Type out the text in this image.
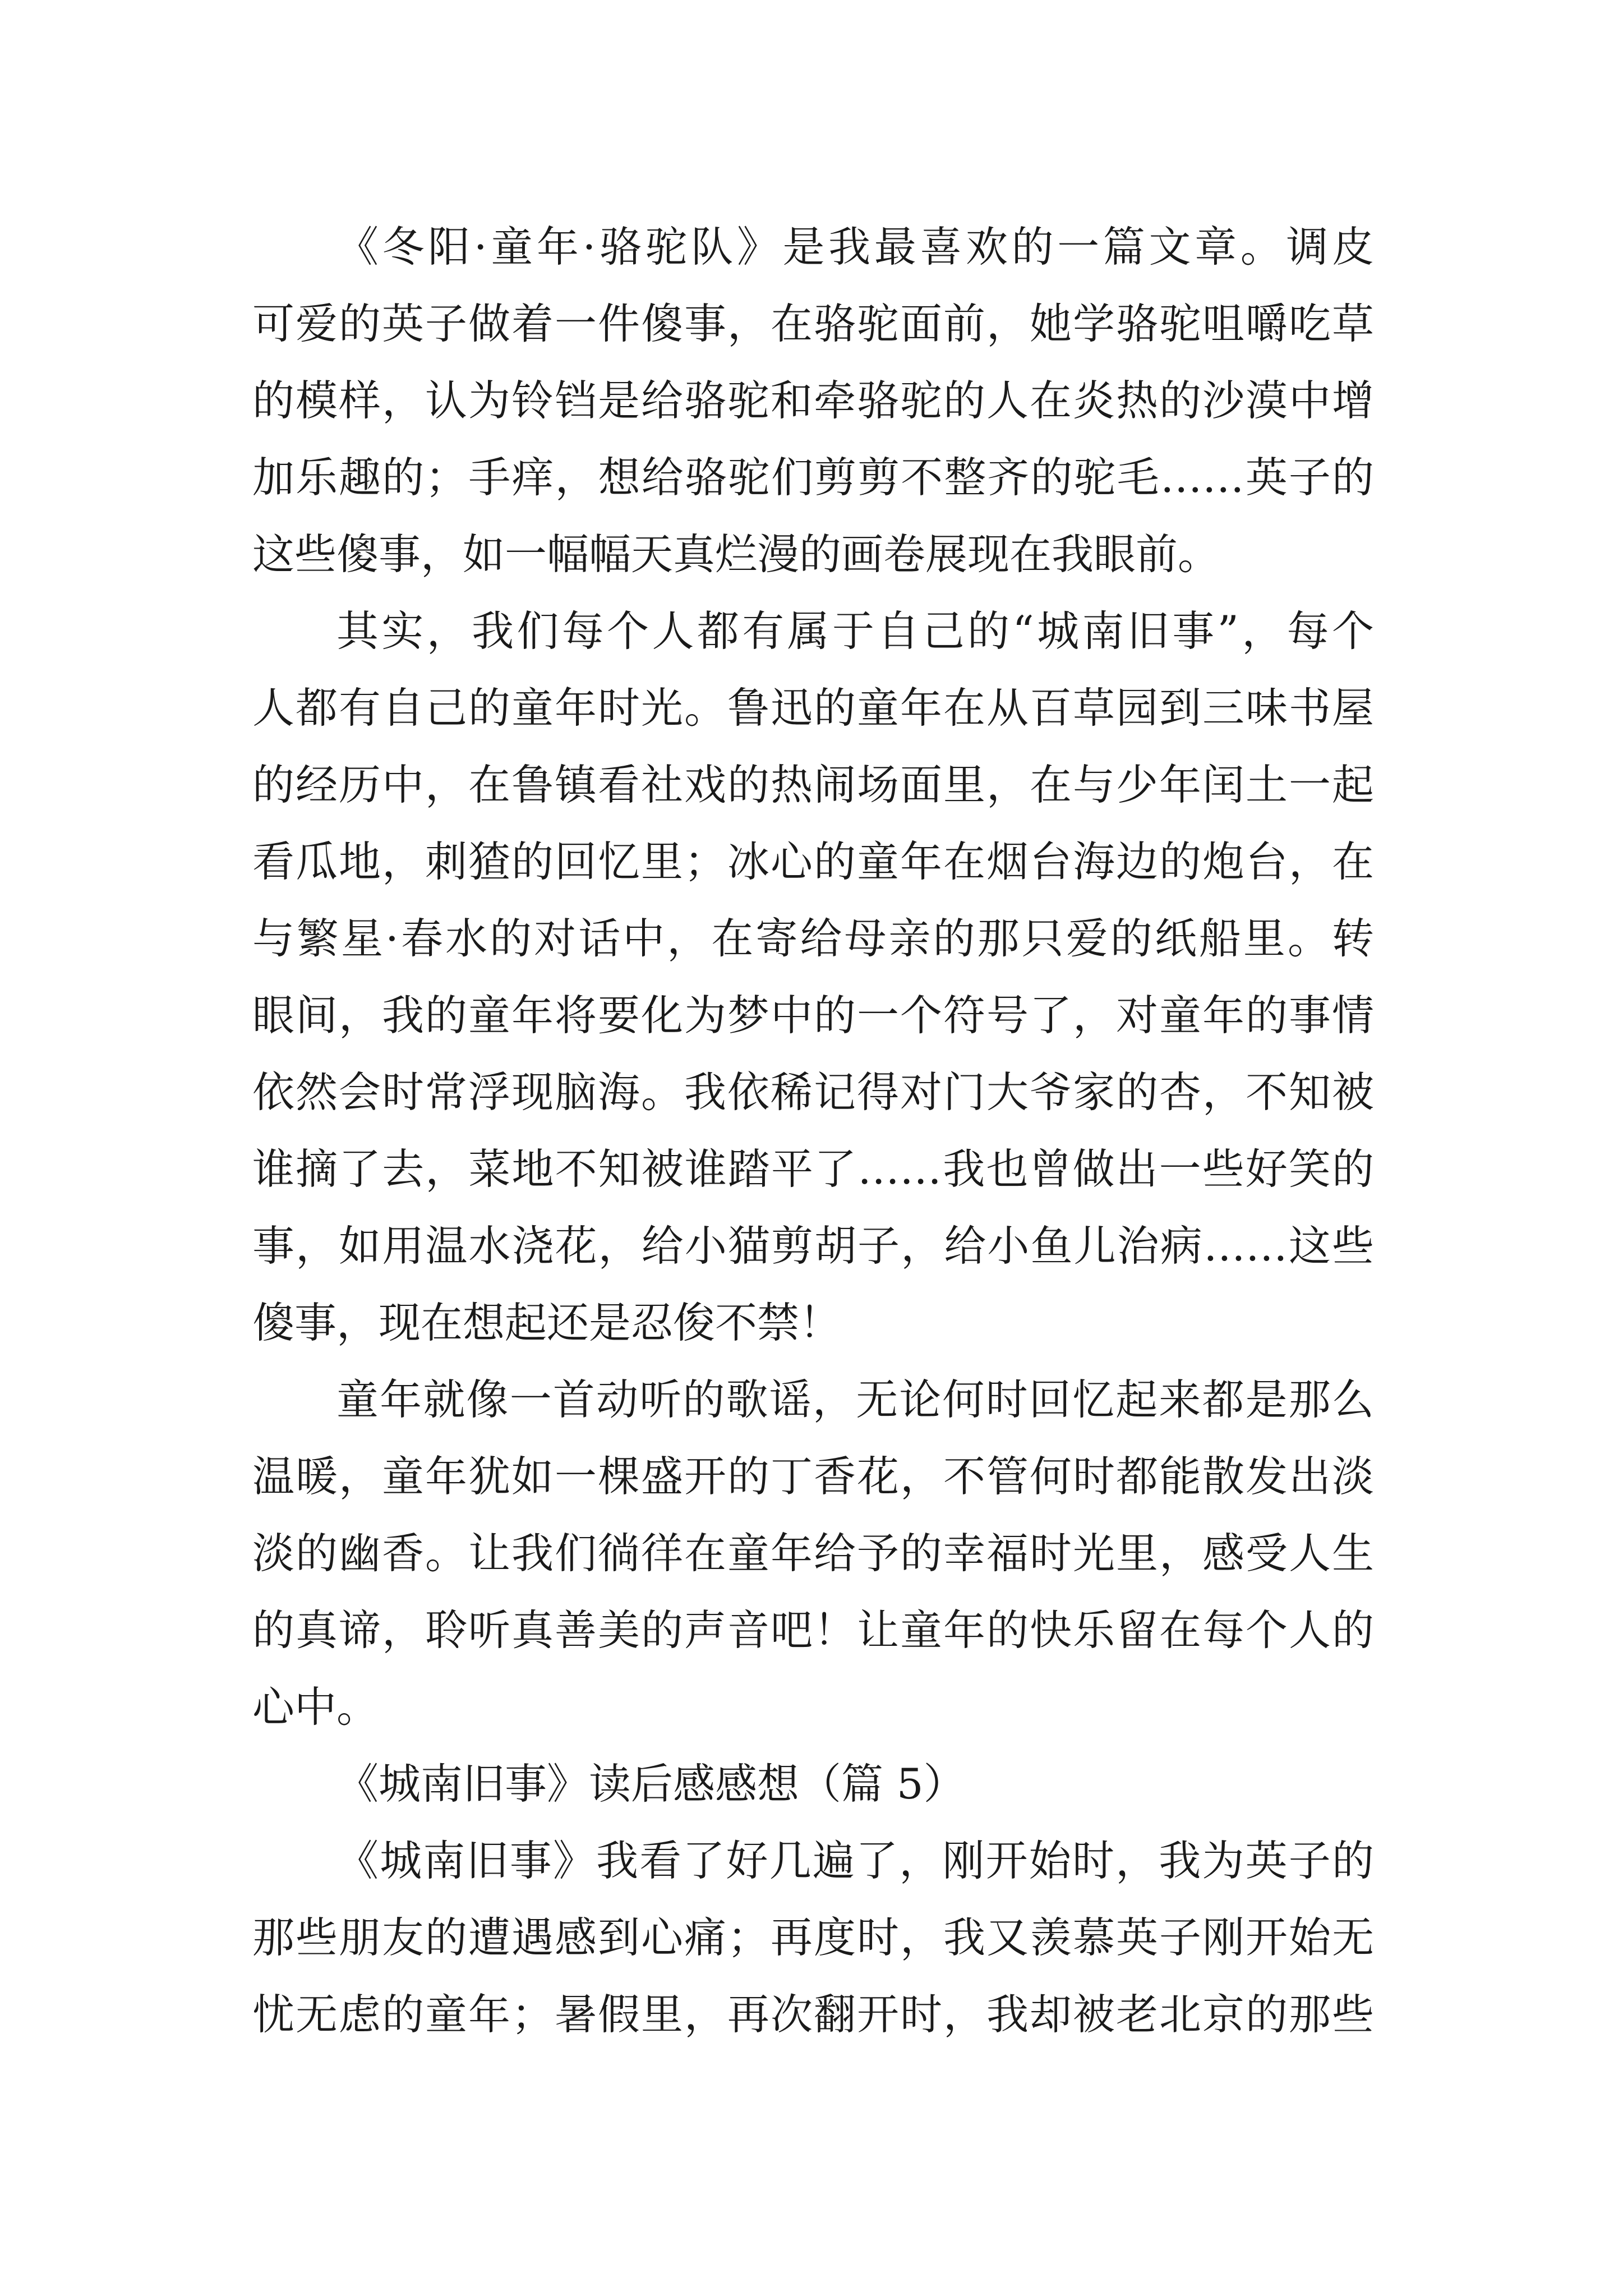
《冬阳·童年·骆驼队》是我最喜欢的一篇文章。调皮
可爱的英子做着一件傻事，在骆驼面前，她学骆驼咀嚼吃草
的模样，认为铃铛是给骆驼和牵骆驼的人在炎热的沙漠中增
加乐趣的；手痒，想给骆驼们剪剪不整齐的驼毛……英子的
这些傻事，如一幅幅天真烂漫的画卷展现在我眼前。
其实，我们每个人都有属于自己的“城南旧事”，每个
人都有自己的童年时光。鲁迅的童年在从百草园到三味书屋
的经历中，在鲁镇看社戏的热闹场面里，在与少年闰土一起
看瓜地，刺猹的回忆里；冰心的童年在烟台海边的炮台，在
与繁星·春水的对话中，在寄给母亲的那只爱的纸船里。转
眼间，我的童年将要化为梦中的一个符号了，对童年的事情
依然会时常浮现脑海。我依稀记得对门大爷家的杏，不知被
谁摘了去，菜地不知被谁踏平了……我也曾做出一些好笑的
事，如用温水浇花，给小猫剪胡子，给小鱼儿治病……这些
傻事，现在想起还是忍俊不禁！
童年就像一首动听的歌谣，无论何时回忆起来都是那么
温暖，童年犹如一棵盛开的丁香花，不管何时都能散发出淡
淡的幽香。让我们徜徉在童年给予的幸福时光里，感受人生
的真谛，聆听真善美的声音吧！让童年的快乐留在每个人的
心中。
《城南旧事》读后感感想（篇 5）
《城南旧事》我看了好几遍了，刚开始时，我为英子的
那些朋友的遭遇感到心痛；再度时，我又羡慕英子刚开始无
忧无虑的童年；暑假里，再次翻开时，我却被老北京的那些
